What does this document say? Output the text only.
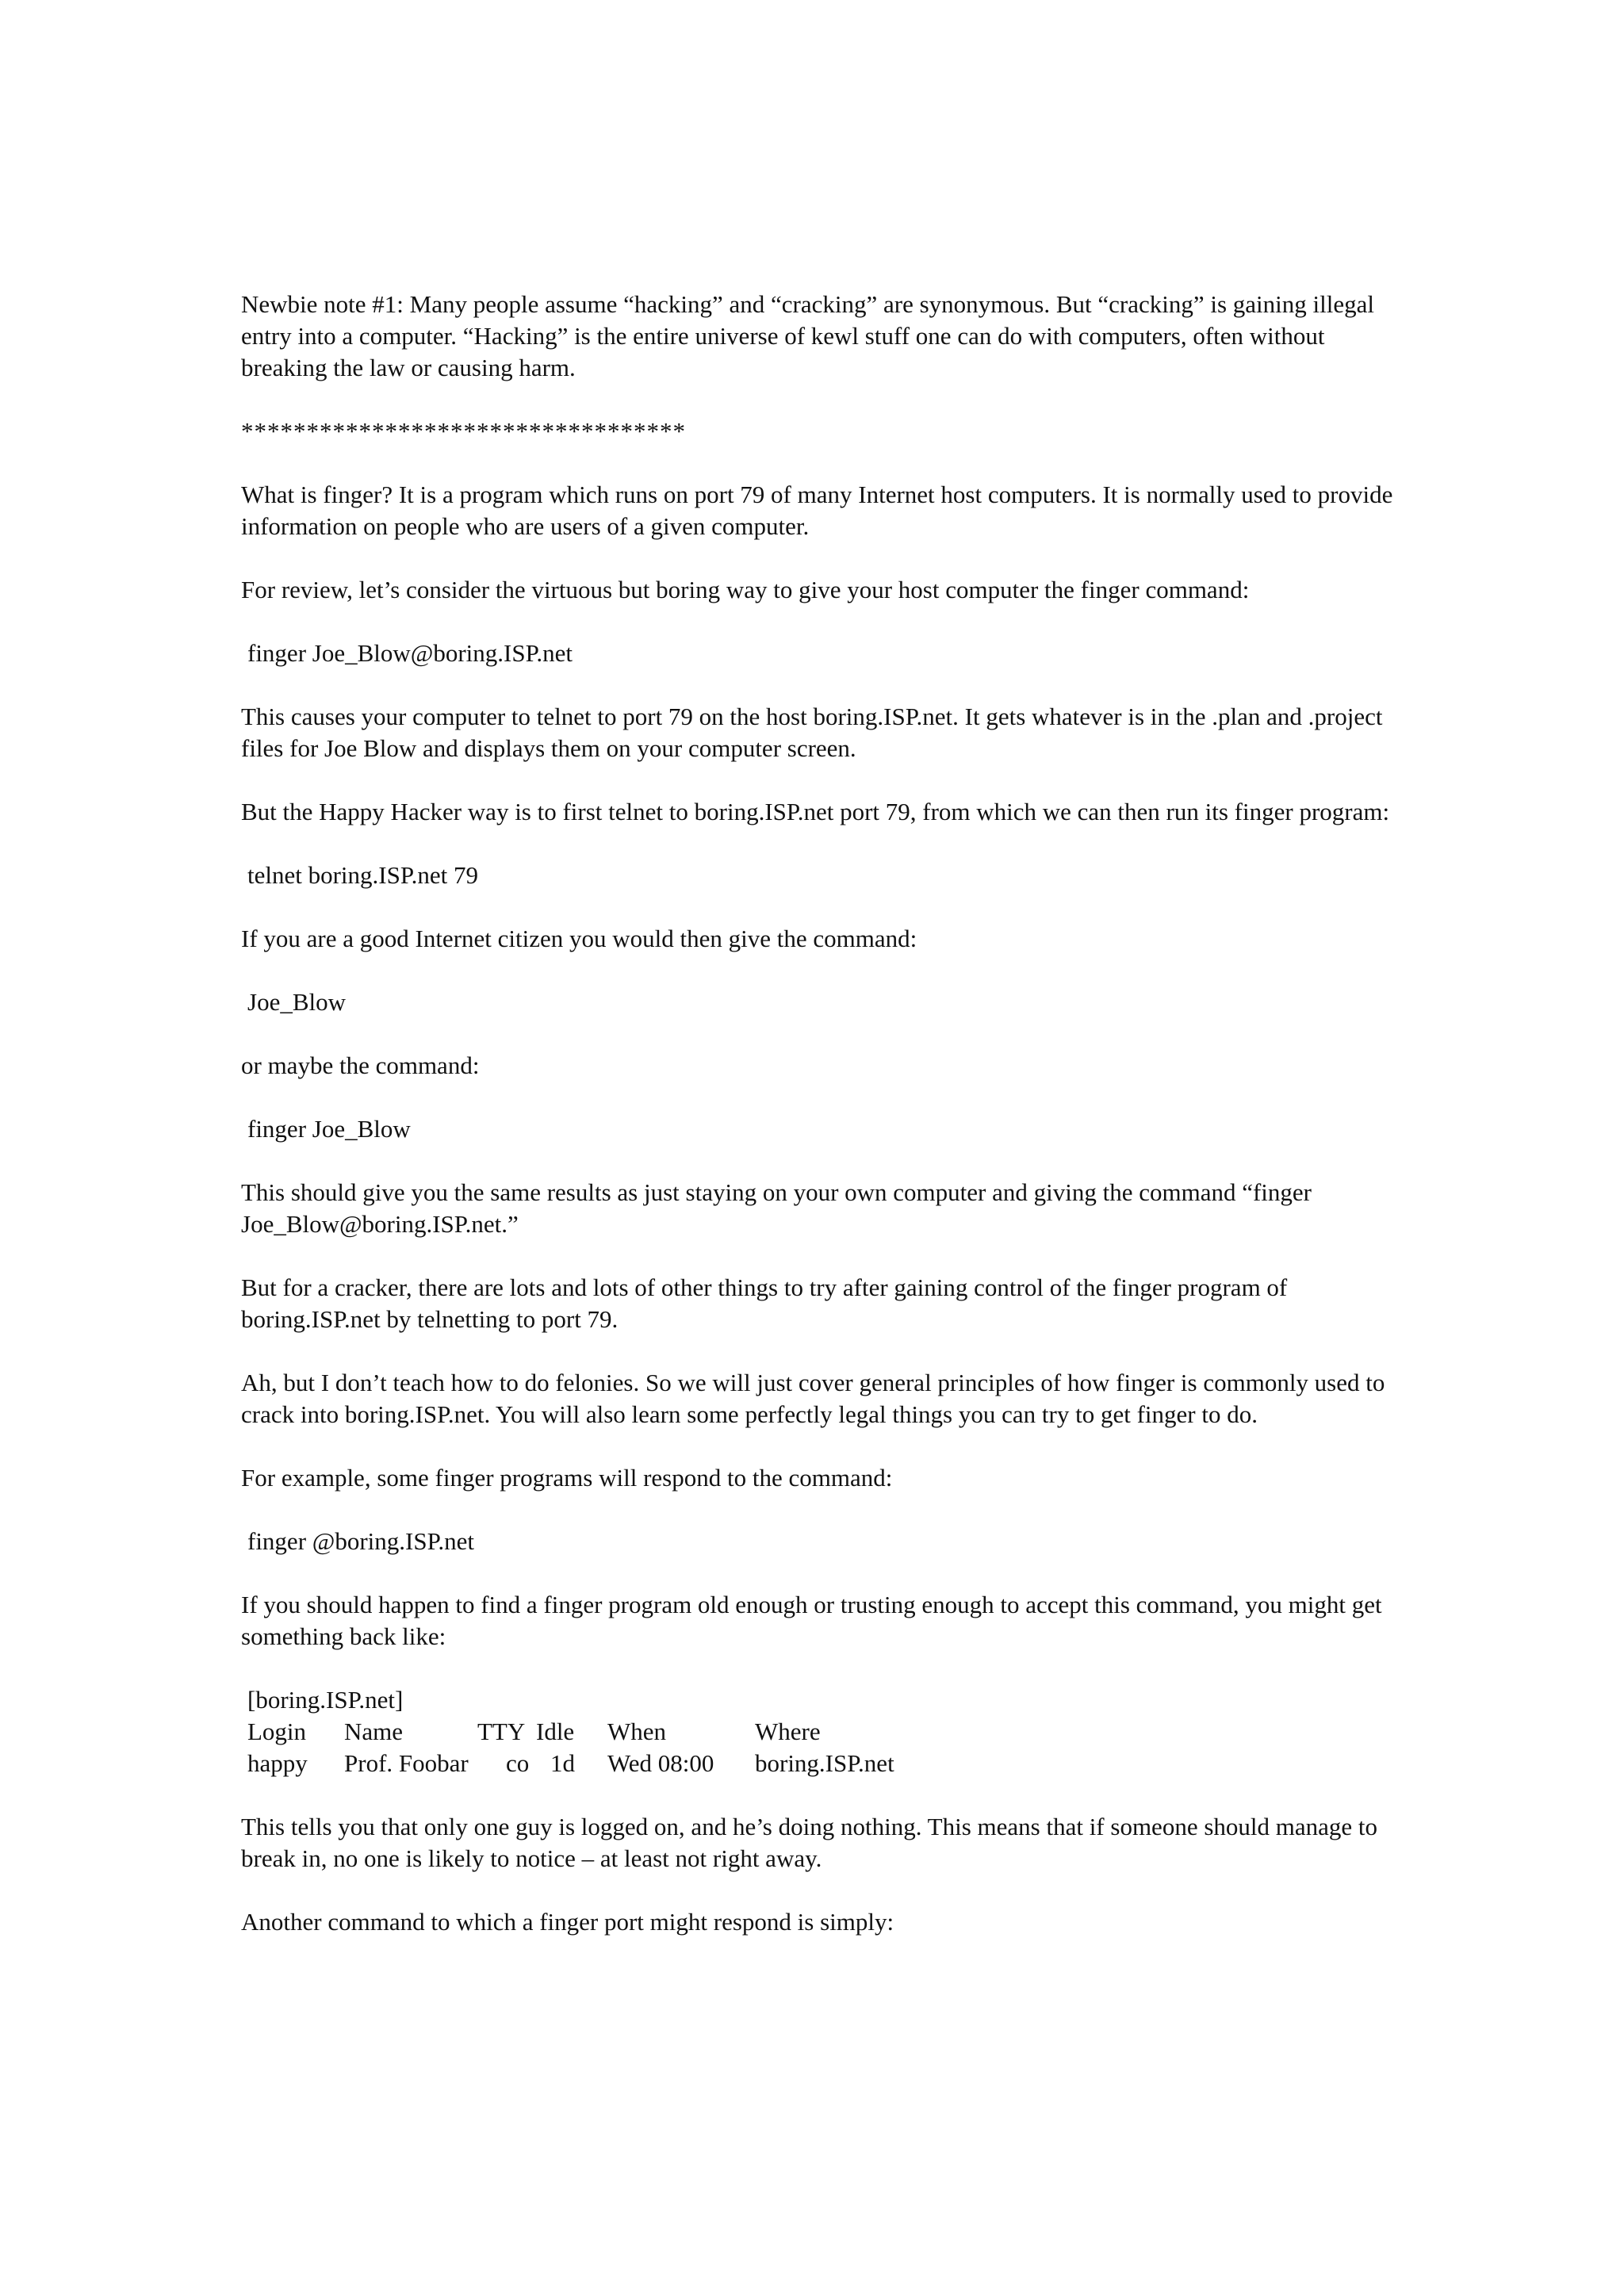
Newbie note #1: Many people assume “hacking” and “cracking” are synonymous. But “cracking” is gaining illegal entry into a computer. “Hacking” is the entire universe of kewl stuff one can do with computers, often without breaking the law or causing harm.

**********************************

What is finger? It is a program which runs on port 79 of many Internet host computers. It is normally used to provide information on people who are users of a given computer.

For review, let’s consider the virtuous but boring way to give your host computer the finger command:

finger Joe_Blow@boring.ISP.net

This causes your computer to telnet to port 79 on the host boring.ISP.net. It gets whatever is in the .plan and .project files for Joe Blow and displays them on your computer screen.

But the Happy Hacker way is to first telnet to boring.ISP.net port 79, from which we can then run its finger program:

telnet boring.ISP.net 79

If you are a good Internet citizen you would then give the command:

Joe_Blow

or maybe the command:

finger Joe_Blow

This should give you the same results as just staying on your own computer and giving the command “finger Joe_Blow@boring.ISP.net.”

But for a cracker, there are lots and lots of other things to try after gaining control of the finger program of boring.ISP.net by telnetting to port 79.

Ah, but I don’t teach how to do felonies. So we will just cover general principles of how finger is commonly used to crack into boring.ISP.net. You will also learn some perfectly legal things you can try to get finger to do.

For example, some finger programs will respond to the command:

finger @boring.ISP.net

If you should happen to find a finger program old enough or trusting enough to accept this command, you might get something back like:

[boring.ISP.net]
Login	Name	TTY Idle	When	Where
happy	Prof. Foobar	co 1d	Wed 08:00	boring.ISP.net

This tells you that only one guy is logged on, and he’s doing nothing. This means that if someone should manage to break in, no one is likely to notice – at least not right away.

Another command to which a finger port might respond is simply:
